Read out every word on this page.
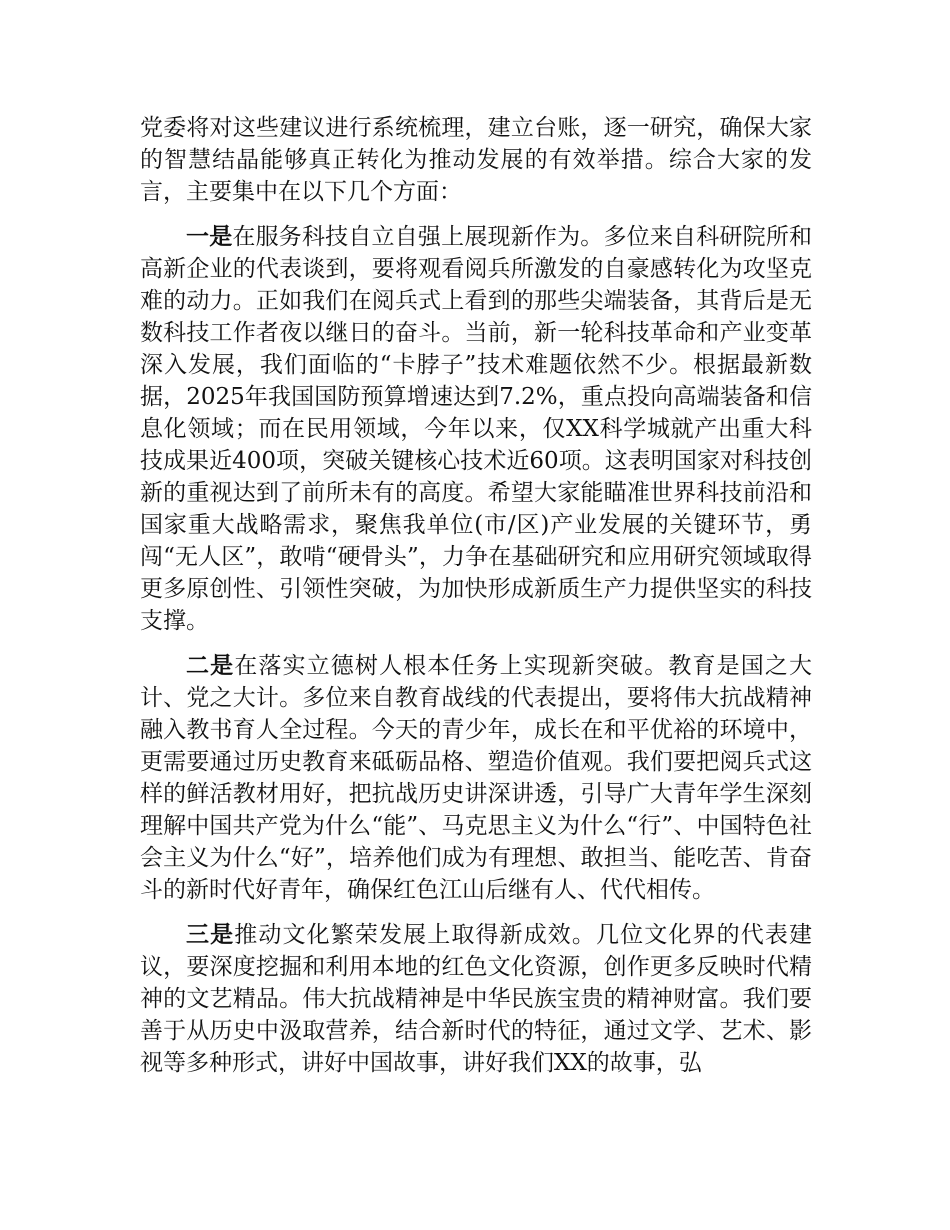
党委将对这些建议进行系统梳理，建立台账，逐一研究，确保大家的智慧结晶能够真正转化为推动发展的有效举措。综合大家的发言，主要集中在以下几个方面：

一是在服务科技自立自强上展现新作为。多位来自科研院所和高新企业的代表谈到，要将观看阅兵所激发的自豪感转化为攻坚克难的动力。正如我们在阅兵式上看到的那些尖端装备，其背后是无数科技工作者夜以继日的奋斗。当前，新一轮科技革命和产业变革深入发展，我们面临的“卡脖子”技术难题依然不少。根据最新数据，2025年我国国防预算增速达到7.2%，重点投向高端装备和信息化领域；而在民用领域，今年以来，仅XX科学城就产出重大科技成果近400项，突破关键核心技术近60项。这表明国家对科技创新的重视达到了前所未有的高度。希望大家能瞄准世界科技前沿和国家重大战略需求，聚焦我单位(市/区)产业发展的关键环节，勇闯“无人区”，敢啃“硬骨头”，力争在基础研究和应用研究领域取得更多原创性、引领性突破，为加快形成新质生产力提供坚实的科技支撑。

二是在落实立德树人根本任务上实现新突破。教育是国之大计、党之大计。多位来自教育战线的代表提出，要将伟大抗战精神融入教书育人全过程。今天的青少年，成长在和平优裕的环境中，更需要通过历史教育来砥砺品格、塑造价值观。我们要把阅兵式这样的鲜活教材用好，把抗战历史讲深讲透，引导广大青年学生深刻理解中国共产党为什么“能”、马克思主义为什么“行”、中国特色社会主义为什么“好”，培养他们成为有理想、敢担当、能吃苦、肯奋斗的新时代好青年，确保红色江山后继有人、代代相传。

三是推动文化繁荣发展上取得新成效。几位文化界的代表建议，要深度挖掘和利用本地的红色文化资源，创作更多反映时代精神的文艺精品。伟大抗战精神是中华民族宝贵的精神财富。我们要善于从历史中汲取营养，结合新时代的特征，通过文学、艺术、影视等多种形式，讲好中国故事，讲好我们XX的故事，弘
